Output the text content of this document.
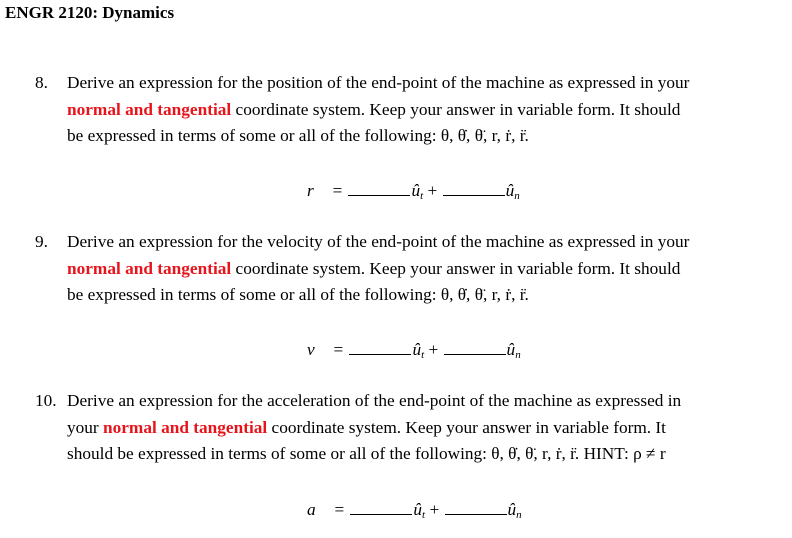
ENGR 2120: Dynamics
8. Derive an expression for the position of the end-point of the machine as expressed in your
normal and tangential coordinate system. Keep your answer in variable form. It should
be expressed in terms of some or all of the following: θ, θ̇, θ̈, r, ṙ, r̈.
r⃗ =	$û_t$ +	$û_n$
9. Derive an expression for the velocity of the end-point of the machine as expressed in your
normal and tangential coordinate system. Keep your answer in variable form. It should
be expressed in terms of some or all of the following: θ, θ̇, θ̈, r, ṙ, r̈.
v⃗ =	$û_t$ +	$û_n$
10. Derive an expression for the acceleration of the end-point of the machine as expressed in
your normal and tangential coordinate system. Keep your answer in variable form. It
should be expressed in terms of some or all of the following: θ, θ̇, θ̈, r, ṙ, r̈. HINT: ρ ≠ r
a⃗ =	$û_t$ +	$û_n$
